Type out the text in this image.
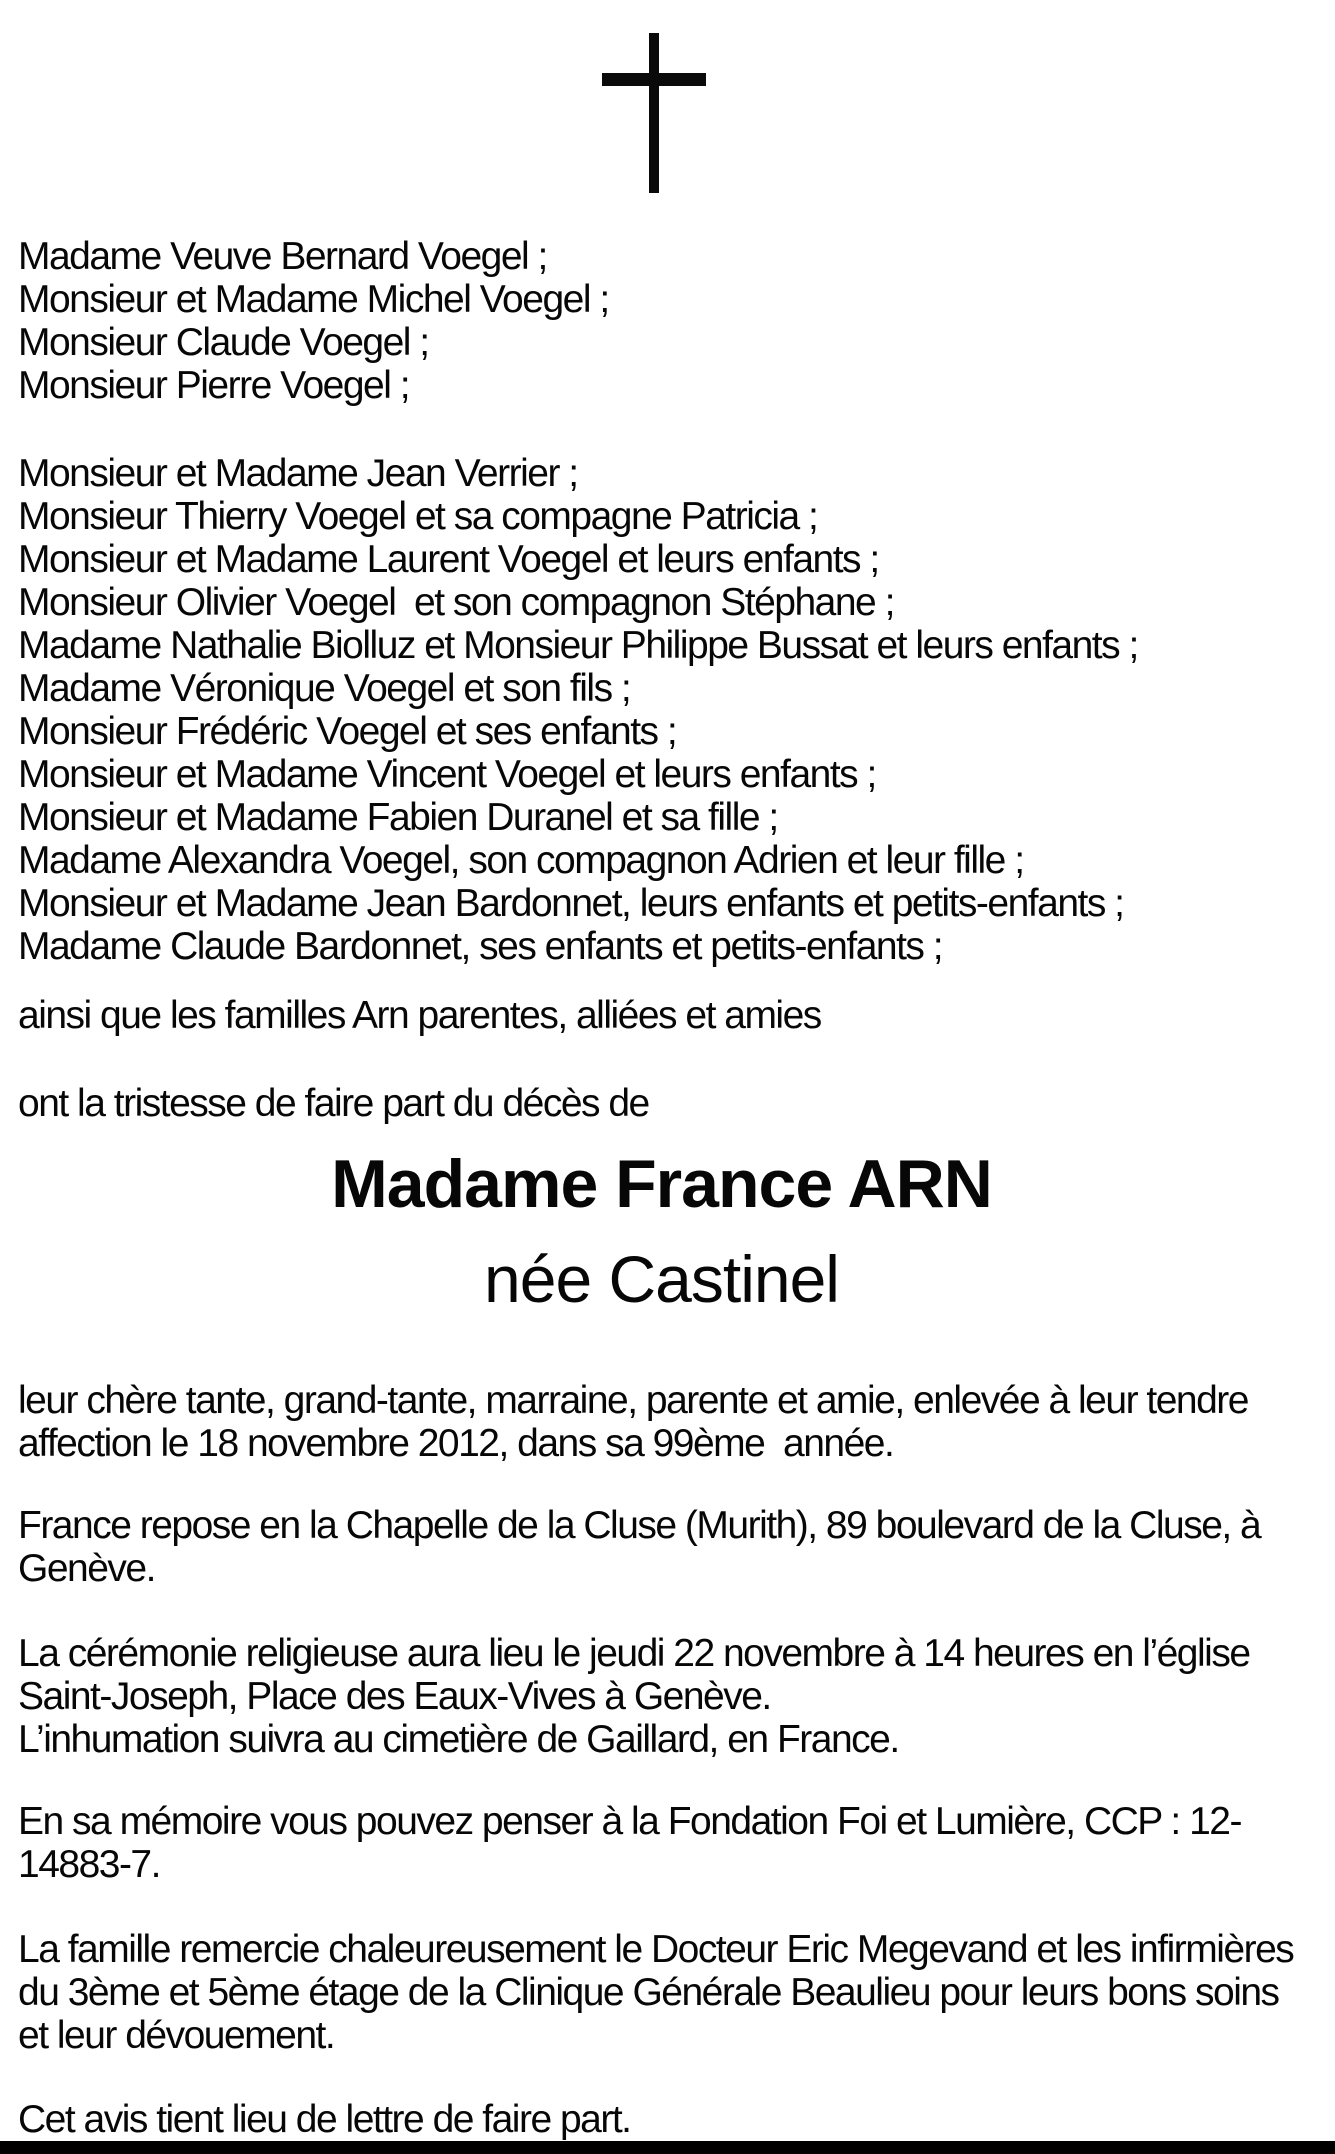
Madame Veuve Bernard Voegel ;
Monsieur et Madame Michel Voegel ;
Monsieur Claude Voegel ;
Monsieur Pierre Voegel ;
Monsieur et Madame Jean Verrier ;
Monsieur Thierry Voegel et sa compagne Patricia ;
Monsieur et Madame Laurent Voegel et leurs enfants ;
Monsieur Olivier Voegel  et son compagnon Stéphane ;
Madame Nathalie Biolluz et Monsieur Philippe Bussat et leurs enfants ;
Madame Véronique Voegel et son fils ;
Monsieur Frédéric Voegel et ses enfants ;
Monsieur et Madame Vincent Voegel et leurs enfants ;
Monsieur et Madame Fabien Duranel et sa fille ;
Madame Alexandra Voegel, son compagnon Adrien et leur fille ;
Monsieur et Madame Jean Bardonnet, leurs enfants et petits-enfants ;
Madame Claude Bardonnet, ses enfants et petits-enfants ;
ainsi que les familles Arn parentes, alliées et amies
ont la tristesse de faire part du décès de
Madame France ARN
née Castinel
leur chère tante, grand-tante, marraine, parente et amie, enlevée à leur tendre affection le 18 novembre 2012, dans sa 99ème  année.
France repose en la Chapelle de la Cluse (Murith), 89 boulevard de la Cluse, à Genève.
La cérémonie religieuse aura lieu le jeudi 22 novembre à 14 heures en l’église Saint-Joseph, Place des Eaux-Vives à Genève.
L’inhumation suivra au cimetière de Gaillard, en France.
En sa mémoire vous pouvez penser à la Fondation Foi et Lumière, CCP : 12-14883-7.
La famille remercie chaleureusement le Docteur Eric Megevand et les infirmières du 3ème et 5ème étage de la Clinique Générale Beaulieu pour leurs bons soins et leur dévouement.
Cet avis tient lieu de lettre de faire part.
